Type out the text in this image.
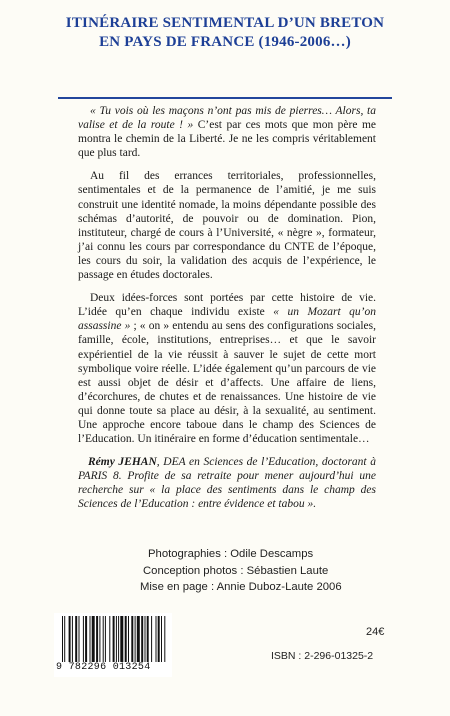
ITINÉRAIRE SENTIMENTAL D’UN BRETON
EN PAYS DE FRANCE (1946-2006…)

« Tu vois où les maçons n’ont pas mis de pierres… Alors, ta valise et de la route ! » C’est par ces mots que mon père me montra le chemin de la Liberté. Je ne les compris véritablement que plus tard.

Au fil des errances territoriales, professionnelles, sentimentales et de la permanence de l’amitié, je me suis construit une identité nomade, la moins dépendante possible des schémas d’autorité, de pouvoir ou de domination. Pion, instituteur, chargé de cours à l’Université, « nègre », formateur, j’ai connu les cours par correspondance du CNTE de l’époque, les cours du soir, la validation des acquis de l’expérience, le passage en études doctorales.

Deux idées-forces sont portées par cette histoire de vie. L’idée qu’en chaque individu existe « un Mozart qu’on assassine » ; « on » entendu au sens des configurations sociales, famille, école, institutions, entreprises… et que le savoir expérientiel de la vie réussit à sauver le sujet de cette mort symbolique voire réelle. L’idée également qu’un parcours de vie est aussi objet de désir et d’affects. Une affaire de liens, d’écorchures, de chutes et de renaissances. Une histoire de vie qui donne toute sa place au désir, à la sexualité, au sentiment. Une approche encore taboue dans le champ des Sciences de l’Education. Un itinéraire en forme d’éducation sentimentale…

Rémy JEHAN, DEA en Sciences de l’Education, doctorant à PARIS 8. Profite de sa retraite pour mener aujourd’hui une recherche sur « la place des sentiments dans le champ des Sciences de l’Education : entre évidence et tabou ».

Photographies : Odile Descamps
Conception photos : Sébastien Laute
Mise en page : Annie Duboz-Laute 2006
9 782296 013254
24€
ISBN : 2-296-01325-2
